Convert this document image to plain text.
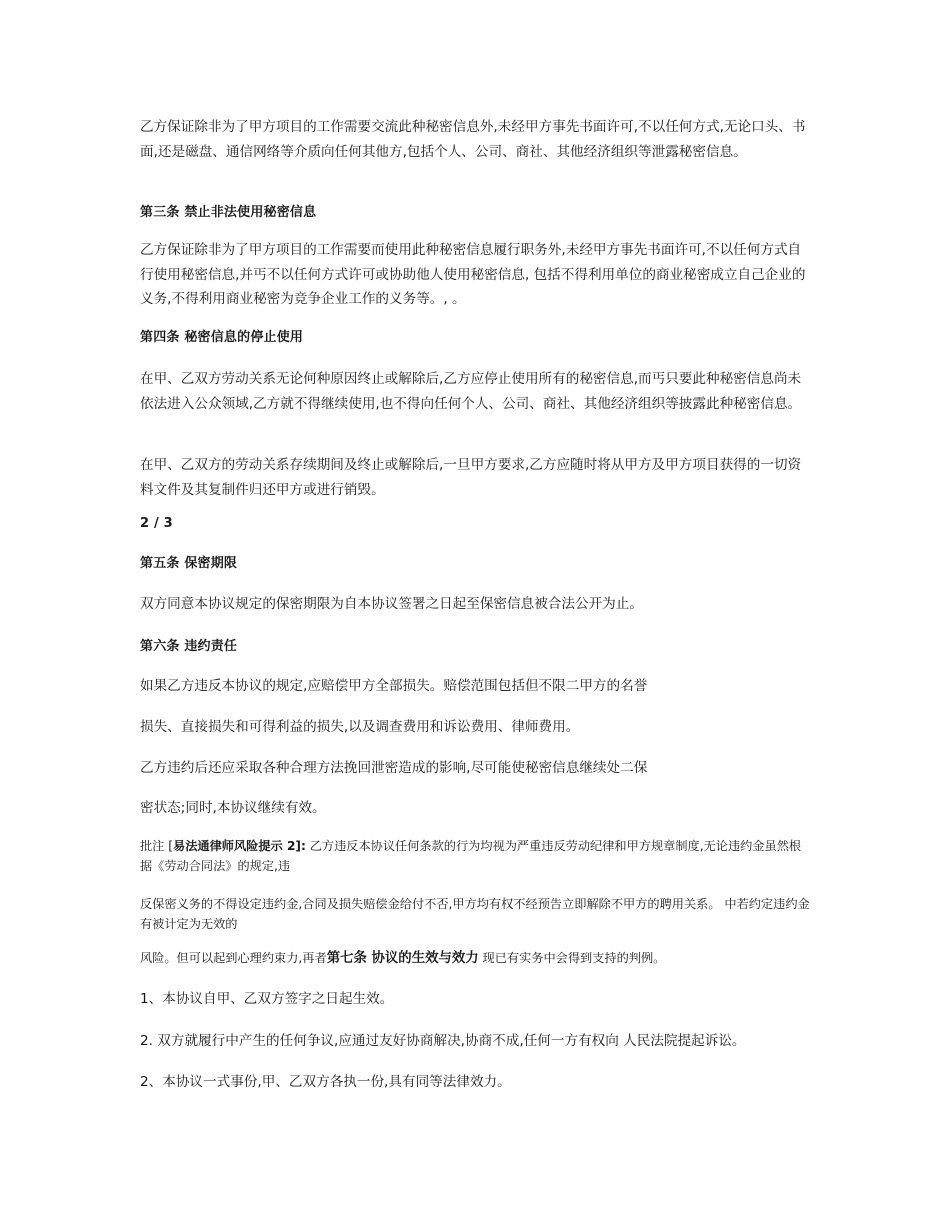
乙方保证除非为了甲方项目的工作需要交流此种秘密信息外,未经甲方事先书面许可,不以任何方式,无论口头、书面,还是磁盘、通信网络等介质向任何其他方,包括个人、公司、商社、其他经济组织等泄露秘密信息。

第三条 禁止非法使用秘密信息

乙方保证除非为了甲方项目的工作需要而使用此种秘密信息履行职务外,未经甲方事先书面许可,不以任何方式自行使用秘密信息,并丐不以任何方式许可或协助他人使用秘密信息, 包括不得利用单位的商业秘密成立自己企业的义务,不得利用商业秘密为竞争企业工作的义务等。, 。

第四条 秘密信息的停止使用

在甲、乙双方劳动关系无论何种原因终止或解除后,乙方应停止使用所有的秘密信息,而丐只要此种秘密信息尚未依法进入公众领域,乙方就不得继续使用,也不得向任何个人、公司、商社、其他经济组织等披露此种秘密信息。

在甲、乙双方的劳动关系存续期间及终止或解除后,一旦甲方要求,乙方应随时将从甲方及甲方项目获得的一切资料文件及其复制件归还甲方或进行销毁。

2 / 3
第五条 保密期限

双方同意本协议规定的保密期限为自本协议签署之日起至保密信息被合法公开为止。

第六条 违约责任

如果乙方违反本协议的规定,应赔偿甲方全部损失。赔偿范围包括但不限二甲方的名誉

损失、直接损失和可得利益的损失,以及调查费用和诉讼费用、律师费用。

乙方违约后还应采取各种合理方法挽回泄密造成的影响,尽可能使秘密信息继续处二保

密状态;同时,本协议继续有效。

批注 [易法通律师风险提示 2]: 乙方违反本协议任何条款的行为均视为严重违反劳动纪律和甲方规章制度,无论违约金虽然根据《劳动合同法》的规定,违
反保密义务的不得设定违约金,合同及损失赔偿金给付不否,甲方均有权不经预告立即解除不甲方的聘用关系。 中若约定违约金有被计定为无效的
风险。但可以起到心理约束力,再者第七条 协议的生效与效力 现已有实务中会得到支持的判例。

1、本协议自甲、乙双方签字之日起生效。

2. 双方就履行中产生的任何争议,应通过友好协商解决,协商不成,任何一方有权向 人民法院提起诉讼。

2、本协议一式事份,甲、乙双方各执一份,具有同等法律效力。
